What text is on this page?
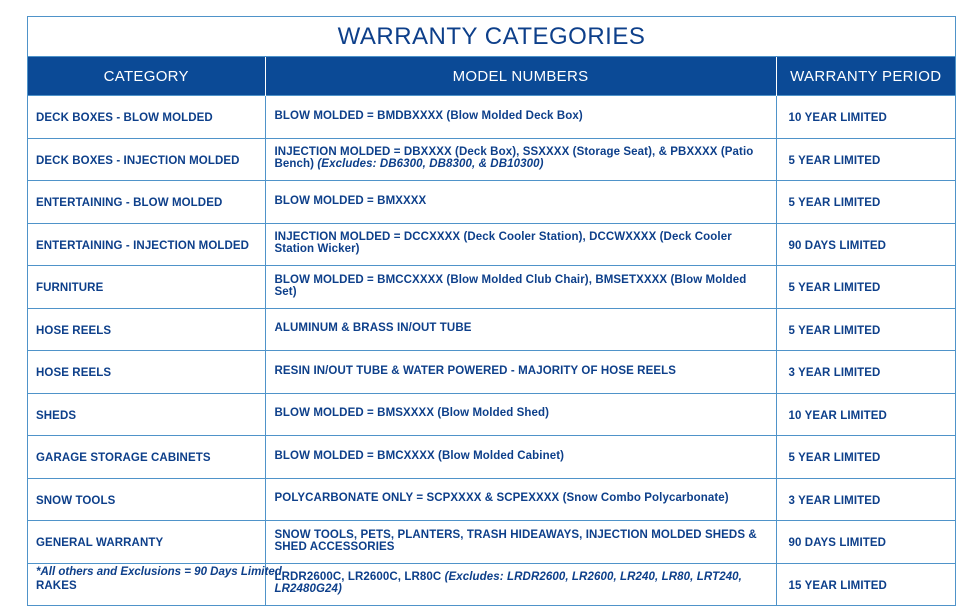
WARRANTY CATEGORIES
CATEGORY	MODEL NUMBERS	WARRANTY PERIOD
DECK BOXES - BLOW MOLDED	BLOW MOLDED = BMDBXXXX (Blow Molded Deck Box)	10 YEAR LIMITED
DECK BOXES - INJECTION MOLDED	INJECTION MOLDED = DBXXXX (Deck Box), SSXXXX (Storage Seat), & PBXXXX (Patio Bench) (Excludes: DB6300, DB8300, & DB10300)	5 YEAR LIMITED
ENTERTAINING - BLOW MOLDED	BLOW MOLDED = BMXXXX	5 YEAR LIMITED
ENTERTAINING - INJECTION MOLDED	INJECTION MOLDED = DCCXXXX (Deck Cooler Station), DCCWXXXX (Deck Cooler Station Wicker)	90 DAYS LIMITED
FURNITURE	BLOW MOLDED = BMCCXXXX (Blow Molded Club Chair), BMSETXXXX (Blow Molded Set)	5 YEAR LIMITED
HOSE REELS	ALUMINUM & BRASS IN/OUT TUBE	5 YEAR LIMITED
HOSE REELS	RESIN IN/OUT TUBE & WATER POWERED - MAJORITY OF HOSE REELS	3 YEAR LIMITED
SHEDS	BLOW MOLDED = BMSXXXX (Blow Molded Shed)	10 YEAR LIMITED
GARAGE STORAGE CABINETS	BLOW MOLDED = BMCXXXX (Blow Molded Cabinet)	5 YEAR LIMITED
SNOW TOOLS	POLYCARBONATE ONLY = SCPXXXX & SCPEXXXX (Snow Combo Polycarbonate)	3 YEAR LIMITED
GENERAL WARRANTY	SNOW TOOLS, PETS, PLANTERS, TRASH HIDEAWAYS, INJECTION MOLDED SHEDS & SHED ACCESSORIES	90 DAYS LIMITED
RAKES	LRDR2600C, LR2600C, LR80C (Excludes: LRDR2600, LR2600, LR240, LR80, LRT240, LR2480G24)	15 YEAR LIMITED
*All others and Exclusions = 90 Days Limited
